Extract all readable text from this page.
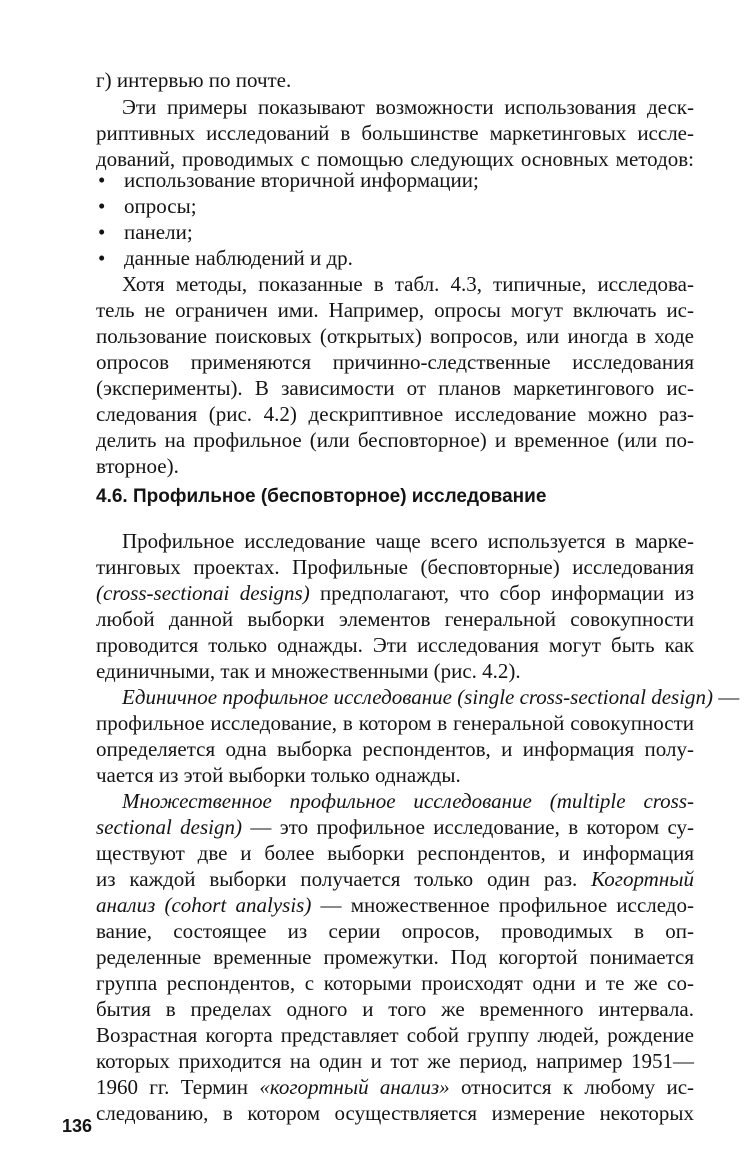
г) интервью по почте.
Эти примеры показывают возможности использования деск-
риптивных исследований в большинстве маркетинговых иссле-
дований, проводимых с помощью следующих основных методов:
• использование вторичной информации;
• опросы;
• панели;
• данные наблюдений и др.
Хотя методы, показанные в табл. 4.3, типичные, исследова-
тель не ограничен ими. Например, опросы могут включать ис-
пользование поисковых (открытых) вопросов, или иногда в ходе
опросов применяются причинно-следственные исследования
(эксперименты). В зависимости от планов маркетингового ис-
следования (рис. 4.2) дескриптивное исследование можно раз-
делить на профильное (или бесповторное) и временное (или по-
вторное).
4.6. Профильное (бесповторное) исследование
Профильное исследование чаще всего используется в марке-
тинговых проектах. Профильные (бесповторные) исследования
(cross-sectionai designs) предполагают, что сбор информации из
любой данной выборки элементов генеральной совокупности
проводится только однажды. Эти исследования могут быть как
единичными, так и множественными (рис. 4.2).
Единичное профильное исследование (single cross-sectional design) —
профильное исследование, в котором в генеральной совокупности
определяется одна выборка респондентов, и информация полу-
чается из этой выборки только однажды.
Множественное профильное исследование (multiple cross-
sectional design) — это профильное исследование, в котором су-
ществуют две и более выборки респондентов, и информация
из каждой выборки получается только один раз. Когортный
анализ (cohort analysis) — множественное профильное исследо-
вание, состоящее из серии опросов, проводимых в оп-
ределенные временные промежутки. Под когортой понимается
группа респондентов, с которыми происходят одни и те же со-
бытия в пределах одного и того же временного интервала.
Возрастная когорта представляет собой группу людей, рождение
которых приходится на один и тот же период, например 1951—
1960 гг. Термин «когортный анализ» относится к любому ис-
следованию, в котором осуществляется измерение некоторых
136
